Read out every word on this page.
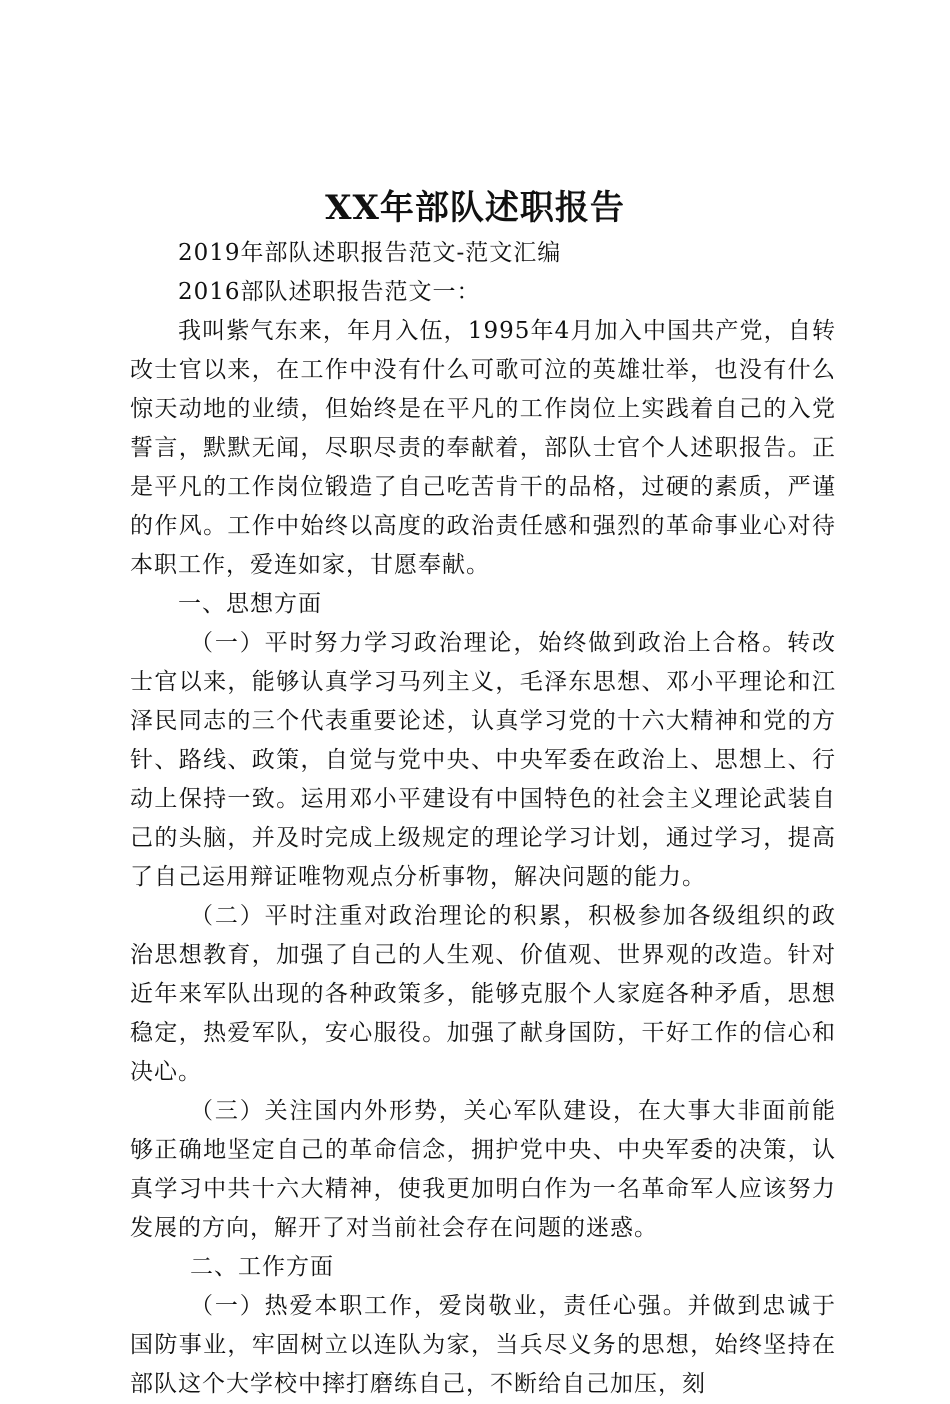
XX年部队述职报告

2019年部队述职报告范文-范文汇编

2016部队述职报告范文一：

我叫紫气东来，年月入伍，1995年4月加入中国共产党，自转改士官以来，在工作中没有什么可歌可泣的英雄壮举，也没有什么惊天动地的业绩，但始终是在平凡的工作岗位上实践着自己的入党誓言，默默无闻，尽职尽责的奉献着，部队士官个人述职报告。正是平凡的工作岗位锻造了自己吃苦肯干的品格，过硬的素质，严谨的作风。工作中始终以高度的政治责任感和强烈的革命事业心对待本职工作，爱连如家，甘愿奉献。

一、思想方面

（一）平时努力学习政治理论，始终做到政治上合格。转改士官以来，能够认真学习马列主义，毛泽东思想、邓小平理论和江泽民同志的三个代表重要论述，认真学习党的十六大精神和党的方针、路线、政策，自觉与党中央、中央军委在政治上、思想上、行动上保持一致。运用邓小平建设有中国特色的社会主义理论武装自己的头脑，并及时完成上级规定的理论学习计划，通过学习，提高了自己运用辩证唯物观点分析事物，解决问题的能力。

（二）平时注重对政治理论的积累，积极参加各级组织的政治思想教育，加强了自己的人生观、价值观、世界观的改造。针对近年来军队出现的各种政策多，能够克服个人家庭各种矛盾，思想稳定，热爱军队，安心服役。加强了献身国防，干好工作的信心和决心。

（三）关注国内外形势，关心军队建设，在大事大非面前能够正确地坚定自己的革命信念，拥护党中央、中央军委的决策，认真学习中共十六大精神，使我更加明白作为一名革命军人应该努力发展的方向，解开了对当前社会存在问题的迷惑。

二、工作方面

（一）热爱本职工作，爱岗敬业，责任心强。并做到忠诚于国防事业，牢固树立以连队为家，当兵尽义务的思想，始终坚持在部队这个大学校中摔打磨练自己，不断给自己加压，刻
